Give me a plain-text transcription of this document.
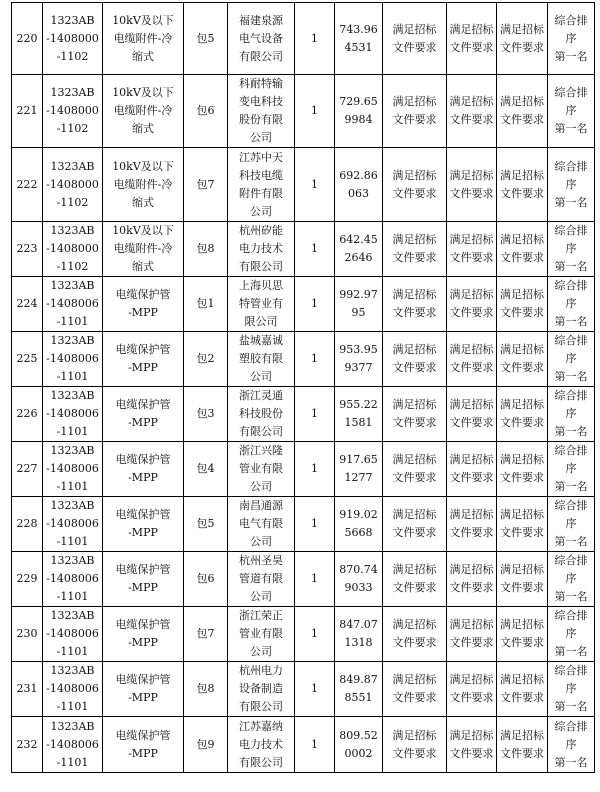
220	1323AB
-1408000
-1102	10kV及以下
电缆附件-冷
缩式	包5	福建泉源
电气设备
有限公司	1	743.96
4531	满足招标
文件要求	满足招标
文件要求	满足招标
文件要求	综合排序
第一名

221	1323AB
-1408000
-1102	10kV及以下
电缆附件-冷
缩式	包6	科耐特输
变电科技
股份有限
公司	1	729.65
9984	满足招标
文件要求	满足招标
文件要求	满足招标
文件要求	综合排序
第一名

222	1323AB
-1408000
-1102	10kV及以下
电缆附件-冷
缩式	包7	江苏中天
科技电缆
附件有限
公司	1	692.86
063	满足招标
文件要求	满足招标
文件要求	满足招标
文件要求	综合排序
第一名

223	1323AB
-1408000
-1102	10kV及以下
电缆附件-冷
缩式	包8	杭州矽能
电力技术
有限公司	1	642.45
2646	满足招标
文件要求	满足招标
文件要求	满足招标
文件要求	综合排序
第一名

224	1323AB
-1408006
-1101	电缆保护管
-MPP	包1	上海贝思
特管业有
限公司	1	992.97
95	满足招标
文件要求	满足招标
文件要求	满足招标
文件要求	综合排序
第一名

225	1323AB
-1408006
-1101	电缆保护管
-MPP	包2	盐城嘉诚
塑胶有限
公司	1	953.95
9377	满足招标
文件要求	满足招标
文件要求	满足招标
文件要求	综合排序
第一名

226	1323AB
-1408006
-1101	电缆保护管
-MPP	包3	浙江灵通
科技股份
有限公司	1	955.22
1581	满足招标
文件要求	满足招标
文件要求	满足招标
文件要求	综合排序
第一名

227	1323AB
-1408006
-1101	电缆保护管
-MPP	包4	浙江兴隆
管业有限
公司	1	917.65
1277	满足招标
文件要求	满足招标
文件要求	满足招标
文件要求	综合排序
第一名

228	1323AB
-1408006
-1101	电缆保护管
-MPP	包5	南昌通源
电气有限
公司	1	919.02
5668	满足招标
文件要求	满足招标
文件要求	满足招标
文件要求	综合排序
第一名

229	1323AB
-1408006
-1101	电缆保护管
-MPP	包6	杭州圣昊
管道有限
公司	1	870.74
9033	满足招标
文件要求	满足招标
文件要求	满足招标
文件要求	综合排序
第一名

230	1323AB
-1408006
-1101	电缆保护管
-MPP	包7	浙江荣正
管业有限
公司	1	847.07
1318	满足招标
文件要求	满足招标
文件要求	满足招标
文件要求	综合排序
第一名

231	1323AB
-1408006
-1101	电缆保护管
-MPP	包8	杭州电力
设备制造
有限公司	1	849.87
8551	满足招标
文件要求	满足招标
文件要求	满足招标
文件要求	综合排序
第一名

232	1323AB
-1408006
-1101	电缆保护管
-MPP	包9	江苏嘉纳
电力技术
有限公司	1	809.52
0002	满足招标
文件要求	满足招标
文件要求	满足招标
文件要求	综合排序
第一名
